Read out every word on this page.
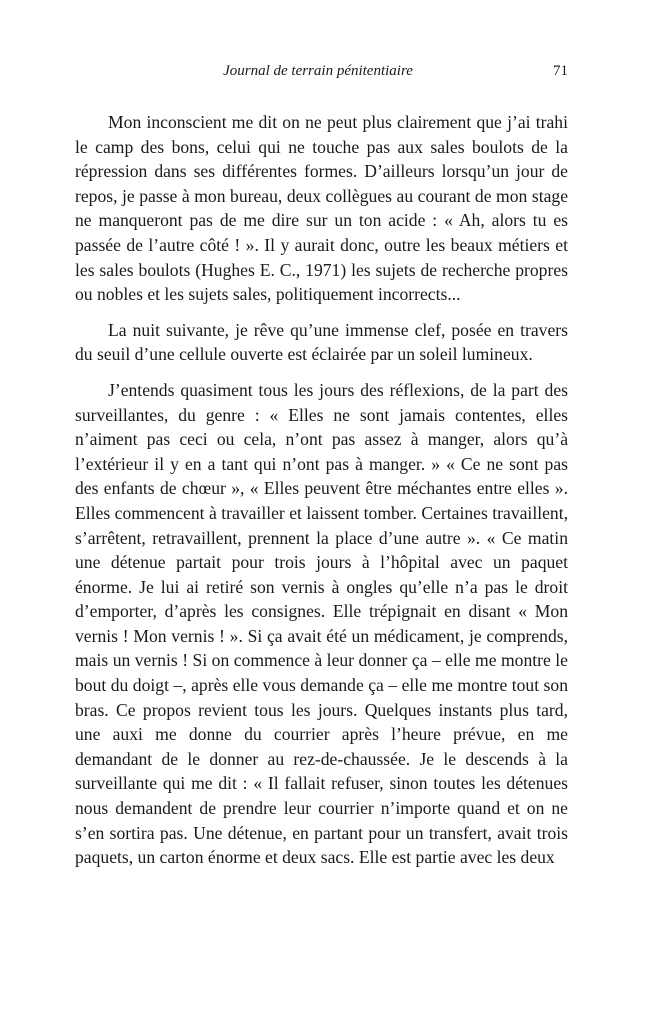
Journal de terrain pénitentiaire	71

Mon inconscient me dit on ne peut plus clairement que j’ai trahi le camp des bons, celui qui ne touche pas aux sales boulots de la répression dans ses différentes formes. D’ailleurs lorsqu’un jour de repos, je passe à mon bureau, deux collègues au courant de mon stage ne manqueront pas de me dire sur un ton acide : « Ah, alors tu es passée de l’autre côté ! ». Il y aurait donc, outre les beaux métiers et les sales boulots (Hughes E. C., 1971) les sujets de recherche propres ou nobles et les sujets sales, politiquement incorrects...

La nuit suivante, je rêve qu’une immense clef, posée en travers du seuil d’une cellule ouverte est éclairée par un soleil lumineux.

J’entends quasiment tous les jours des réflexions, de la part des surveillantes, du genre : « Elles ne sont jamais contentes, elles n’aiment pas ceci ou cela, n’ont pas assez à manger, alors qu’à l’extérieur il y en a tant qui n’ont pas à manger. » « Ce ne sont pas des enfants de chœur », « Elles peuvent être méchantes entre elles ». Elles commencent à travailler et laissent tomber. Certaines travaillent, s’arrêtent, retravaillent, prennent la place d’une autre ». « Ce matin une détenue partait pour trois jours à l’hôpital avec un paquet énorme. Je lui ai retiré son vernis à ongles qu’elle n’a pas le droit d’emporter, d’après les consignes. Elle trépignait en disant « Mon vernis ! Mon vernis ! ». Si ça avait été un médicament, je comprends, mais un vernis ! Si on commence à leur donner ça – elle me montre le bout du doigt –, après elle vous demande ça – elle me montre tout son bras. Ce propos revient tous les jours. Quelques instants plus tard, une auxi me donne du courrier après l’heure prévue, en me demandant de le donner au rez-de-chaussée. Je le descends à la surveillante qui me dit : « Il fallait refuser, sinon toutes les détenues nous demandent de prendre leur courrier n’importe quand et on ne s’en sortira pas. Une détenue, en partant pour un transfert, avait trois paquets, un carton énorme et deux sacs. Elle est partie avec les deux
